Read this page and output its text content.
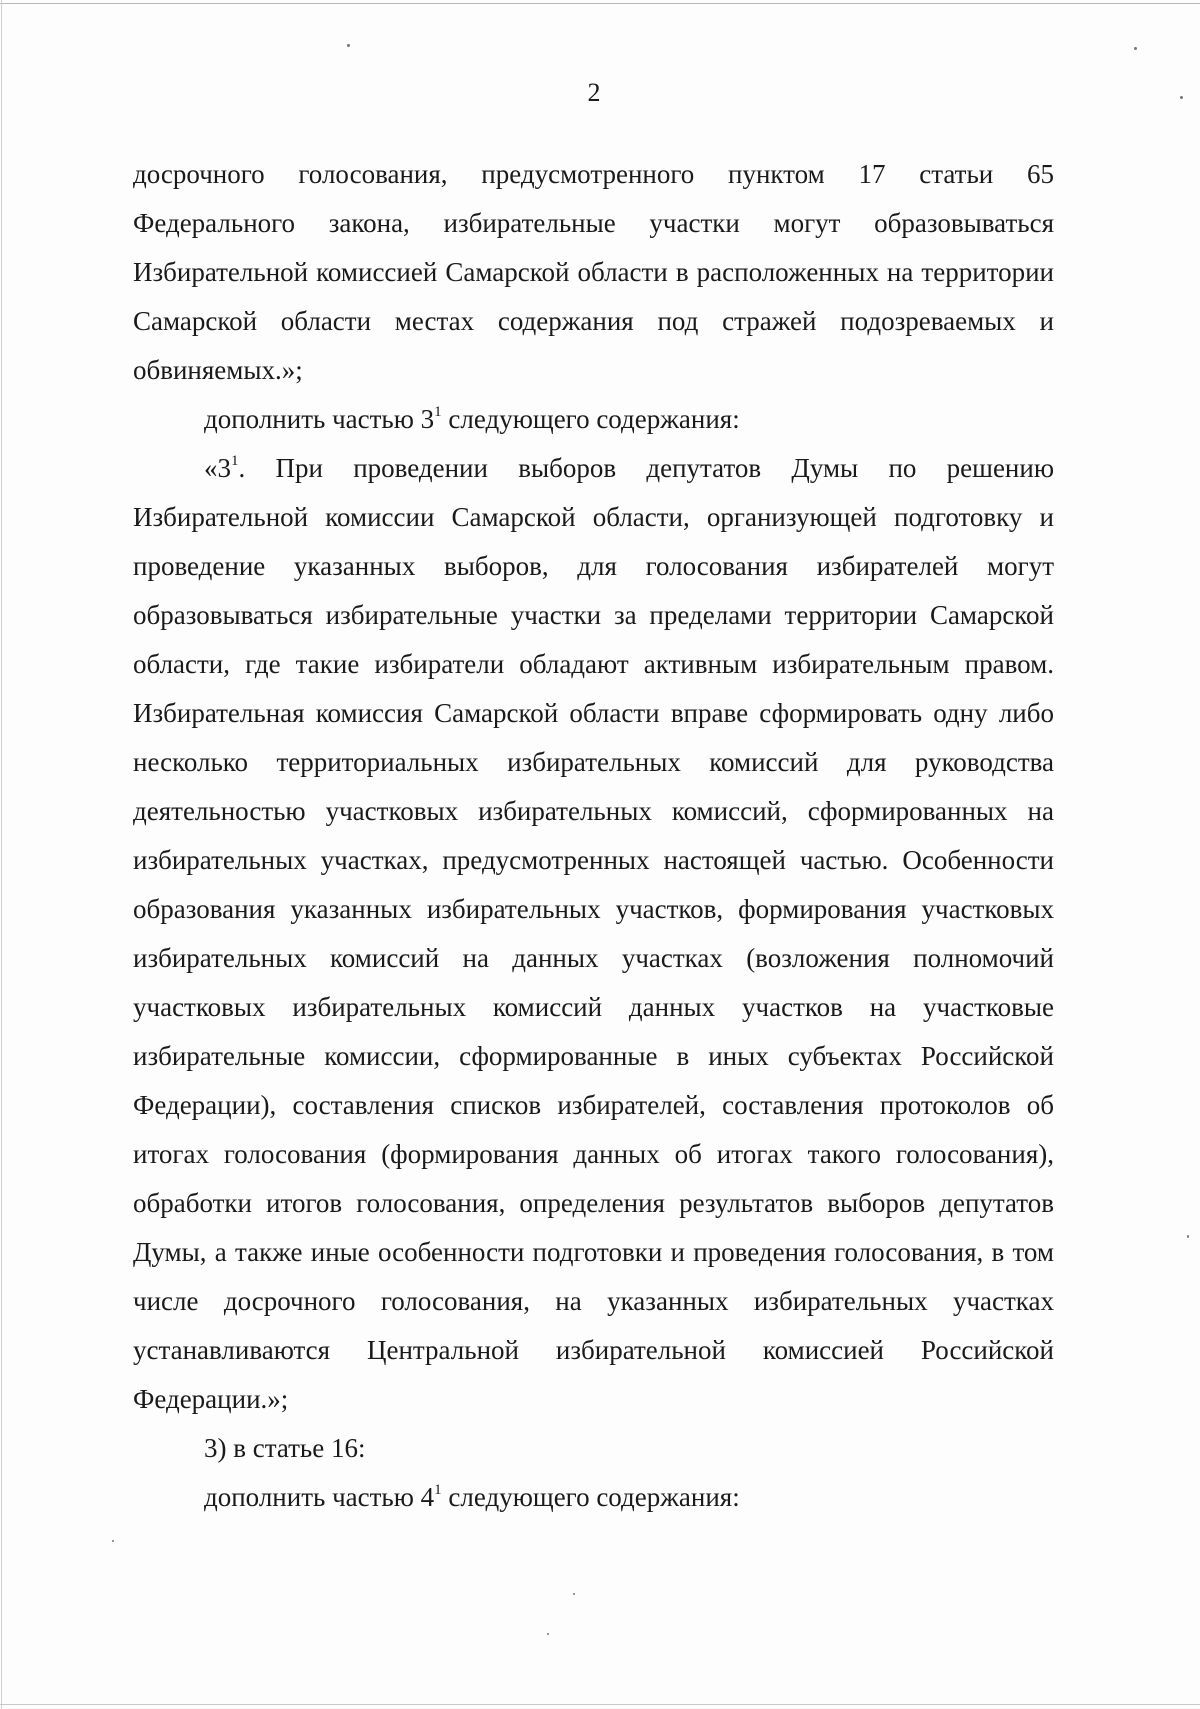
2

досрочного голосования, предусмотренного пунктом 17 статьи 65 Федерального закона, избирательные участки могут образовываться Избирательной комиссией Самарской области в расположенных на территории Самарской области местах содержания под стражей подозреваемых и обвиняемых.»;

дополнить частью $3^1$ следующего содержания:

«$3^1$. При проведении выборов депутатов Думы по решению Избирательной комиссии Самарской области, организующей подготовку и проведение указанных выборов, для голосования избирателей могут образовываться избирательные участки за пределами территории Самарской области, где такие избиратели обладают активным избирательным правом. Избирательная комиссия Самарской области вправе сформировать одну либо несколько территориальных избирательных комиссий для руководства деятельностью участковых избирательных комиссий, сформированных на избирательных участках, предусмотренных настоящей частью. Особенности образования указанных избирательных участков, формирования участковых избирательных комиссий на данных участках (возложения полномочий участковых избирательных комиссий данных участков на участковые избирательные комиссии, сформированные в иных субъектах Российской Федерации), составления списков избирателей, составления протоколов об итогах голосования (формирования данных об итогах такого голосования), обработки итогов голосования, определения результатов выборов депутатов Думы, а также иные особенности подготовки и проведения голосования, в том числе досрочного голосования, на указанных избирательных участках устанавливаются Центральной избирательной комиссией Российской Федерации.»;

3) в статье 16:

дополнить частью $4^1$ следующего содержания:
